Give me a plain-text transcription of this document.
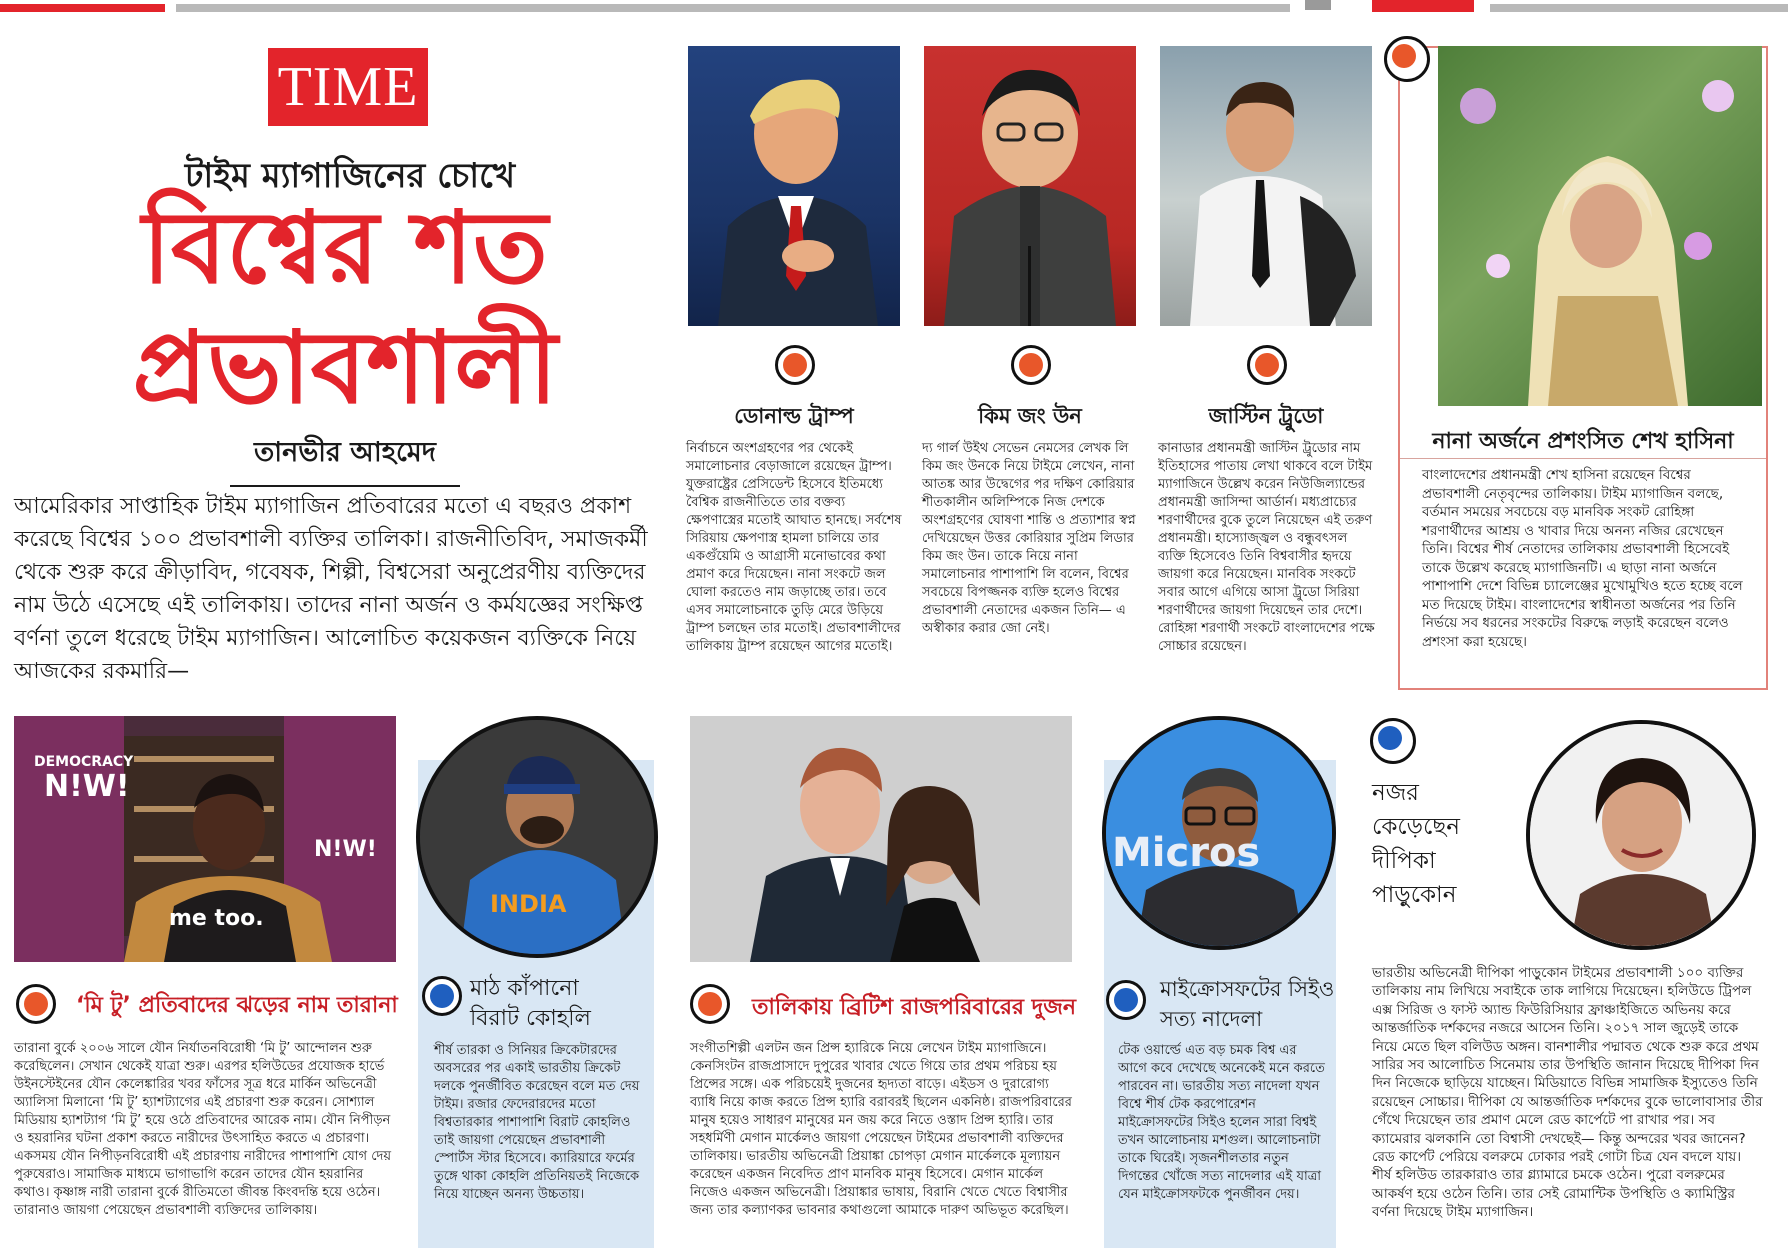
TIME
টাইম ম্যাগাজিনের চোখে
বিশ্বের শত প্রভাবশালী
তানভীর আহমেদ
আমেরিকার সাপ্তাহিক টাইম ম্যাগাজিন প্রতিবারের মতো এ বছরও প্রকাশ করেছে বিশ্বের ১০০ প্রভাবশালী ব্যক্তির তালিকা। রাজনীতিবিদ, সমাজকর্মী থেকে শুরু করে ক্রীড়াবিদ, গবেষক, শিল্পী, বিশ্বসেরা অনুপ্রেরণীয় ব্যক্তিদের নাম উঠে এসেছে এই তালিকায়। তাদের নানা অর্জন ও কর্মযজ্ঞের সংক্ষিপ্ত বর্ণনা তুলে ধরেছে টাইম ম্যাগাজিন। আলোচিত কয়েকজন ব্যক্তিকে নিয়ে আজকের রকমারি—
ডোনাল্ড ট্রাম্প
নির্বাচনে অংশগ্রহণের পর থেকেই সমালোচনার বেড়াজালে রয়েছেন ট্রাম্প। যুক্তরাষ্ট্রের প্রেসিডেন্ট হিসেবে ইতিমধ্যে বৈশ্বিক রাজনীতিতে তার বক্তব্য ক্ষেপণাস্ত্রের মতোই আঘাত হানছে। সর্বশেষ সিরিয়ায় ক্ষেপণাস্ত্র হামলা চালিয়ে তার একগুঁয়েমি ও আগ্রাসী মনোভাবের কথা প্রমাণ করে দিয়েছেন। নানা সংকটে জল ঘোলা করতেও নাম জড়াচ্ছে তার। তবে এসব সমালোচনাকে তুড়ি মেরে উড়িয়ে ট্রাম্প চলছেন তার মতোই। প্রভাবশালীদের তালিকায় ট্রাম্প রয়েছেন আগের মতোই।
কিম জং উন
দ্য গার্ল উইথ সেভেন নেমসের লেখক লি কিম জং উনকে নিয়ে টাইমে লেখেন, নানা আতঙ্ক আর উদ্বেগের পর দক্ষিণ কোরিয়ার শীতকালীন অলিম্পিকে নিজ দেশকে অংশগ্রহণের ঘোষণা শান্তি ও প্রত্যাশার স্বপ্ন দেখিয়েছেন উত্তর কোরিয়ার সুপ্রিম লিডার কিম জং উন। তাকে নিয়ে নানা সমালোচনার পাশাপাশি লি বলেন, বিশ্বের সবচেয়ে বিপজ্জনক ব্যক্তি হলেও বিশ্বের প্রভাবশালী নেতাদের একজন তিনি— এ অস্বীকার করার জো নেই।
জাস্টিন ট্রুডো
কানাডার প্রধানমন্ত্রী জাস্টিন ট্রুডোর নাম ইতিহাসের পাতায় লেখা থাকবে বলে টাইম ম্যাগাজিনে উল্লেখ করেন নিউজিল্যান্ডের প্রধানমন্ত্রী জাসিন্দা আর্ডার্ন। মধ্যপ্রাচ্যের শরণার্থীদের বুকে তুলে নিয়েছেন এই তরুণ প্রধানমন্ত্রী। হাস্যোজ্জ্বল ও বন্ধুবৎসল ব্যক্তি হিসেবেও তিনি বিশ্ববাসীর হৃদয়ে জায়গা করে নিয়েছেন। মানবিক সংকটে সবার আগে এগিয়ে আসা ট্রুডো সিরিয়া শরণার্থীদের জায়গা দিয়েছেন তার দেশে। রোহিঙ্গা শরণার্থী সংকটে বাংলাদেশের পক্ষে সোচ্চার রয়েছেন।
নানা অর্জনে প্রশংসিত শেখ হাসিনা
বাংলাদেশের প্রধানমন্ত্রী শেখ হাসিনা রয়েছেন বিশ্বের প্রভাবশালী নেতৃবৃন্দের তালিকায়। টাইম ম্যাগাজিন বলছে, বর্তমান সময়ের সবচেয়ে বড় মানবিক সংকট রোহিঙ্গা শরণার্থীদের আশ্রয় ও খাবার দিয়ে অনন্য নজির রেখেছেন তিনি। বিশ্বের শীর্ষ নেতাদের তালিকায় প্রভাবশালী হিসেবেই তাকে উল্লেখ করেছে ম্যাগাজিনটি। এ ছাড়া নানা অর্জনে পাশাপাশি দেশে বিভিন্ন চ্যালেঞ্জের মুখোমুখিও হতে হচ্ছে বলে মত দিয়েছে টাইম। বাংলাদেশের স্বাধীনতা অর্জনের পর তিনি নির্ভয়ে সব ধরনের সংকটের বিরুদ্ধে লড়াই করেছেন বলেও প্রশংসা করা হয়েছে।
DEMOCRACY
N!W!
N!W!
me too.
‘মি টু’ প্রতিবাদের ঝড়ের নাম তারানা
তারানা বুর্কে ২০০৬ সালে যৌন নির্যাতনবিরোধী ‘মি টু’ আন্দোলন শুরু করেছিলেন। সেখান থেকেই যাত্রা শুরু। এরপর হলিউডের প্রযোজক হার্ভে উইনস্টেইনের যৌন কেলেঙ্কারির খবর ফাঁসের সূত্র ধরে মার্কিন অভিনেত্রী অ্যালিসা মিলানো ‘মি টু’ হ্যাশট্যাগের এই প্রচারণা শুরু করেন। সোশ্যাল মিডিয়ায় হ্যাশট্যাগ ‘মি টু’ হয়ে ওঠে প্রতিবাদের আরেক নাম। যৌন নিপীড়ন ও হয়রানির ঘটনা প্রকাশ করতে নারীদের উৎসাহিত করতে এ প্রচারণা। একসময় যৌন নিপীড়নবিরোধী এই প্রচারণায় নারীদের পাশাপাশি যোগ দেয় পুরুষেরাও। সামাজিক মাধ্যমে ভাগাভাগি করেন তাদের যৌন হয়রানির কথাও। কৃষ্ণাঙ্গ নারী তারানা বুর্কে রীতিমতো জীবন্ত কিংবদন্তি হয়ে ওঠেন। তারানাও জায়গা পেয়েছেন প্রভাবশালী ব্যক্তিদের তালিকায়।
INDIA
মাঠ কাঁপানো বিরাট কোহলি
শীর্ষ তারকা ও সিনিয়র ক্রিকেটারদের অবসরের পর একাই ভারতীয় ক্রিকেট দলকে পুনর্জীবিত করেছেন বলে মত দেয় টাইম। রজার ফেদেরারদের মতো বিশ্বতারকার পাশাপাশি বিরাট কোহলিও তাই জায়গা পেয়েছেন প্রভাবশালী স্পোর্টস স্টার হিসেবে। ক্যারিয়ারে ফর্মের তুঙ্গে থাকা কোহলি প্রতিনিয়তই নিজেকে নিয়ে যাচ্ছেন অনন্য উচ্চতায়।
তালিকায় ব্রিটিশ রাজপরিবারের দুজন
সংগীতশিল্পী এলটন জন প্রিন্স হ্যারিকে নিয়ে লেখেন টাইম ম্যাগাজিনে। কেনসিংটন রাজপ্রাসাদে দুপুরের খাবার খেতে গিয়ে তার প্রথম পরিচয় হয় প্রিন্সের সঙ্গে। এক পরিচয়েই দুজনের হৃদ্যতা বাড়ে। এইডস ও দুরারোগ্য ব্যাধি নিয়ে কাজ করতে প্রিন্স হ্যারি বরাবরই ছিলেন একনিষ্ঠ। রাজপরিবারের মানুষ হয়েও সাধারণ মানুষের মন জয় করে নিতে ওস্তাদ প্রিন্স হ্যারি। তার সহধর্মিণী মেগান মার্কেলও জায়গা পেয়েছেন টাইমের প্রভাবশালী ব্যক্তিদের তালিকায়। ভারতীয় অভিনেত্রী প্রিয়াঙ্কা চোপড়া মেগান মার্কেলকে মূল্যায়ন করেছেন একজন নিবেদিত প্রাণ মানবিক মানুষ হিসেবে। মেগান মার্কেল নিজেও একজন অভিনেত্রী। প্রিয়াঙ্কার ভাষায়, বিরানি খেতে খেতে বিশ্বাসীর জন্য তার কল্যাণকর ভাবনার কথাগুলো আমাকে দারুণ অভিভূত করেছিল।
Micros
মাইক্রোসফটের সিইও সত্য নাদেলা
টেক ওয়ার্ল্ডে এত বড় চমক বিশ্ব এর আগে কবে দেখেছে অনেকেই মনে করতে পারবেন না। ভারতীয় সত্য নাদেলা যখন বিশ্বে শীর্ষ টেক করপোরেশন মাইক্রোসফটের সিইও হলেন সারা বিশ্বই তখন আলোচনায় মশগুল। আলোচনাটা তাকে ঘিরেই। সৃজনশীলতার নতুন দিগন্তের খোঁজে সত্য নাদেলার এই যাত্রা যেন মাইক্রোসফটকে পুনর্জীবন দেয়।
নজর কেড়েছেন দীপিকা পাড়ুকোন
ভারতীয় অভিনেত্রী দীপিকা পাড়ুকোন টাইমের প্রভাবশালী ১০০ ব্যক্তির তালিকায় নাম লিখিয়ে সবাইকে তাক লাগিয়ে দিয়েছেন। হলিউডে ট্রিপল এক্স সিরিজ ও ফাস্ট অ্যান্ড ফিউরিসিয়ার ফ্রাঞ্চাইজিতে অভিনয় করে আন্তর্জাতিক দর্শকদের নজরে আসেন তিনি। ২০১৭ সাল জুড়েই তাকে নিয়ে মেতে ছিল বলিউড অঙ্গন। বানশালীর পদ্মাবত থেকে শুরু করে প্রথম সারির সব আলোচিত সিনেমায় তার উপস্থিতি জানান দিয়েছে দীপিকা দিন দিন নিজেকে ছাড়িয়ে যাচ্ছেন। মিডিয়াতে বিভিন্ন সামাজিক ইস্যুতেও তিনি রয়েছেন সোচ্চার। দীপিকা যে আন্তর্জাতিক দর্শকদের বুকে ভালোবাসার তীর গেঁথে দিয়েছেন তার প্রমাণ মেলে রেড কার্পেটে পা রাখার পর। সব ক্যামেরার ঝলকানি তো বিশ্বাসী দেখছেই— কিন্তু অন্দরের খবর জানেন? রেড কার্পেট পেরিয়ে বলরুমে ঢোকার পরই গোটা চিত্র যেন বদলে যায়। শীর্ষ হলিউড তারকারাও তার গ্ল্যামারে চমকে ওঠেন। পুরো বলরুমের আকর্ষণ হয়ে ওঠেন তিনি। তার সেই রোমান্টিক উপস্থিতি ও ক্যামিস্ট্রির বর্ণনা দিয়েছে টাইম ম্যাগাজিন।
